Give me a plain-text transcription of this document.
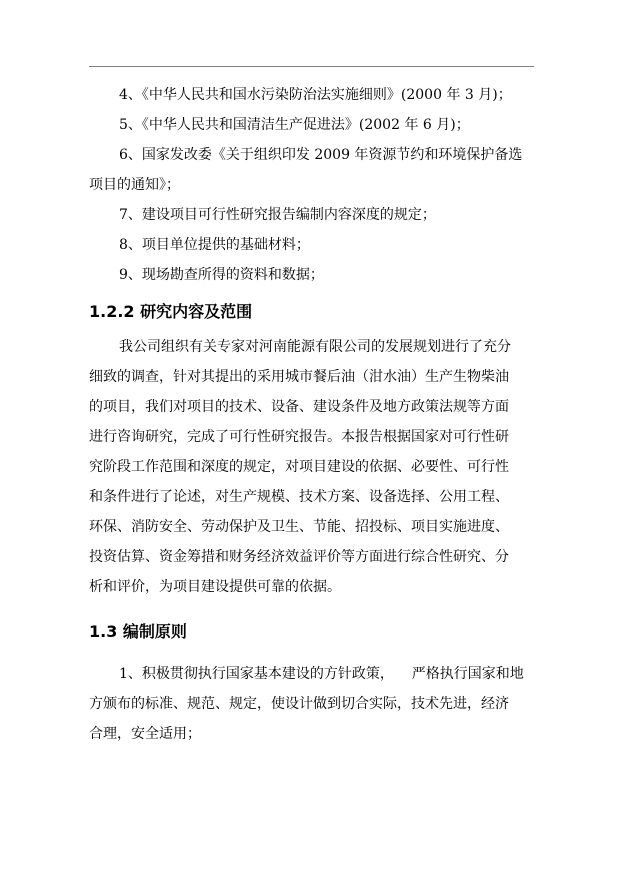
4、《中华人民共和国水污染防治法实施细则》(2000 年 3 月)；

5、《中华人民共和国清洁生产促进法》(2002 年 6 月)；

6、国家发改委《关于组织印发 2009 年资源节约和环境保护备选
项目的通知》；

7、建设项目可行性研究报告编制内容深度的规定；

8、项目单位提供的基础材料；

9、现场勘查所得的资料和数据；

1.2.2 研究内容及范围
我公司组织有关专家对河南能源有限公司的发展规划进行了充分
细致的调查，针对其提出的采用城市餐后油（泔水油）生产生物柴油
的项目，我们对项目的技术、设备、建设条件及地方政策法规等方面
进行咨询研究，完成了可行性研究报告。本报告根据国家对可行性研
究阶段工作范围和深度的规定，对项目建设的依据、必要性、可行性
和条件进行了论述，对生产规模、技术方案、设备选择、公用工程、
环保、消防安全、劳动保护及卫生、节能、招投标、项目实施进度、
投资估算、资金筹措和财务经济效益评价等方面进行综合性研究、分
析和评价，为项目建设提供可靠的依据。
1.3 编制原则
1、积极贯彻执行国家基本建设的方针政策，    严格执行国家和地
方颁布的标准、规范、规定，使设计做到切合实际，技术先进，经济
合理，安全适用；
